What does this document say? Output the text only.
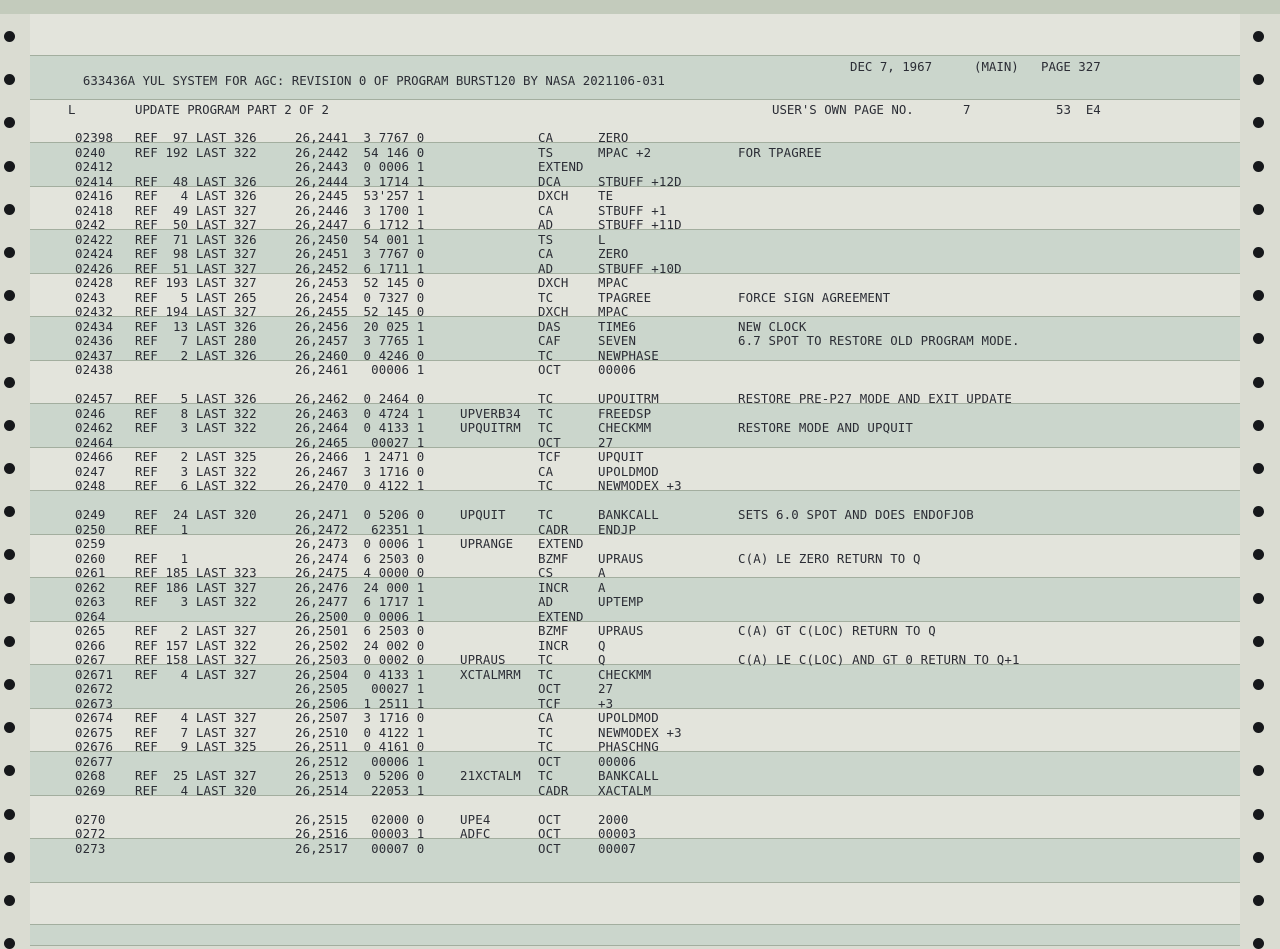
633436A YUL SYSTEM FOR AGC: REVISION 0 OF PROGRAM BURST120 BY NASA 2021106-031

DEC 7, 1967	(MAIN) PAGE 327
L	UPDATE PROGRAM PART 2 OF 2	USER'S OWN PAGE NO.	7	53  E4
02398	REF  97 LAST 326	26,2441  3 7767 0	CA	ZERO
0240	REF 192 LAST 322	26,2442  54 146 0	TS	MPAC +2	FOR TPAGREE
02412	26,2443  0 0006 1	EXTEND
02414	REF  48 LAST 326	26,2444  3 1714 1	DCA	STBUFF +12D
02416	REF   4 LAST 326	26,2445  53'257 1	DXCH	TE
02418	REF  49 LAST 327	26,2446  3 1700 1	CA	STBUFF +1
0242	REF  50 LAST 327	26,2447  6 1712 1	AD	STBUFF +11D
02422	REF  71 LAST 326	26,2450  54 001 1	TS	L
02424	REF  98 LAST 327	26,2451  3 7767 0	CA	ZERO
02426	REF  51 LAST 327	26,2452  6 1711 1	AD	STBUFF +10D
02428	REF 193 LAST 327	26,2453  52 145 0	DXCH	MPAC
0243	REF   5 LAST 265	26,2454  0 7327 0	TC	TPAGREE	FORCE SIGN AGREEMENT
02432	REF 194 LAST 327	26,2455  52 145 0	DXCH	MPAC
02434	REF  13 LAST 326	26,2456  20 025 1	DAS	TIME6	NEW CLOCK
02436	REF   7 LAST 280	26,2457  3 7765 1	CAF	SEVEN	6.7 SPOT TO RESTORE OLD PROGRAM MODE.
02437	REF   2 LAST 326	26,2460  0 4246 0	TC	NEWPHASE
02438	26,2461   00006 1	OCT	00006
02457	REF   5 LAST 326	26,2462  0 2464 0	TC	UPOUITRM	RESTORE PRE-P27 MODE AND EXIT UPDATE
0246	REF   8 LAST 322	26,2463  0 4724 1	UPVERB34	TC	FREEDSP
02462	REF   3 LAST 322	26,2464  0 4133 1	UPQUITRM	TC	CHECKMM	RESTORE MODE AND UPQUIT
02464	26,2465   00027 1	OCT	27
02466	REF   2 LAST 325	26,2466  1 2471 0	TCF	UPQUIT
0247	REF   3 LAST 322	26,2467  3 1716 0	CA	UPOLDMOD
0248	REF   6 LAST 322	26,2470  0 4122 1	TC	NEWMODEX +3
0249	REF  24 LAST 320	26,2471  0 5206 0	UPQUIT	TC	BANKCALL	SETS 6.0 SPOT AND DOES ENDOFJOB
0250	REF   1	26,2472   62351 1	CADR	ENDJP
0259	26,2473  0 0006 1	UPRANGE	EXTEND
0260	REF   1	26,2474  6 2503 0	BZMF	UPRAUS	C(A) LE ZERO RETURN TO Q
0261	REF 185 LAST 323	26,2475  4 0000 0	CS	A
0262	REF 186 LAST 327	26,2476  24 000 1	INCR	A
0263	REF   3 LAST 322	26,2477  6 1717 1	AD	UPTEMP
0264	26,2500  0 0006 1	EXTEND
0265	REF   2 LAST 327	26,2501  6 2503 0	BZMF	UPRAUS	C(A) GT C(LOC) RETURN TO Q
0266	REF 157 LAST 322	26,2502  24 002 0	INCR	Q
0267	REF 158 LAST 327	26,2503  0 0002 0	UPRAUS	TC	Q	C(A) LE C(LOC) AND GT 0 RETURN TO Q+1
02671	REF   4 LAST 327	26,2504  0 4133 1	XCTALMRM	TC	CHECKMM
02672	26,2505   00027 1	OCT	27
02673	26,2506  1 2511 1	TCF	+3
02674	REF   4 LAST 327	26,2507  3 1716 0	CA	UPOLDMOD
02675	REF   7 LAST 327	26,2510  0 4122 1	TC	NEWMODEX +3
02676	REF   9 LAST 325	26,2511  0 4161 0	TC	PHASCHNG
02677	26,2512   00006 1	OCT	00006
0268	REF  25 LAST 327	26,2513  0 5206 0	21XCTALM	TC	BANKCALL
0269	REF   4 LAST 320	26,2514   22053 1	CADR	XACTALM
0270	26,2515   02000 0	UPE4	OCT	2000
0272	26,2516   00003 1	ADFC	OCT	00003
0273	26,2517   00007 0	OCT	00007
